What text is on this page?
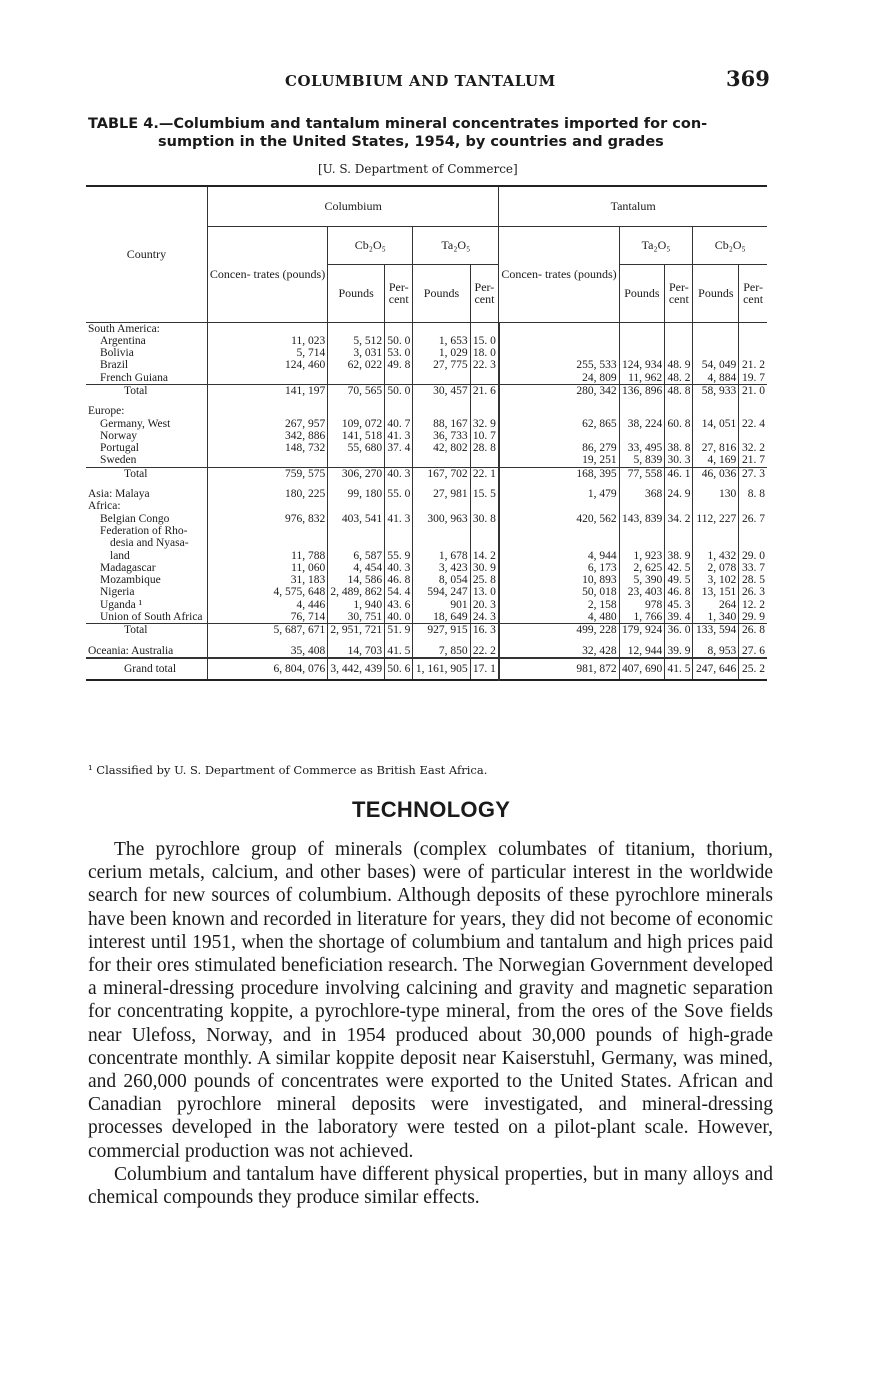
COLUMBIUM AND TANTALUM	369
TABLE 4.—Columbium and tantalum mineral concentrates imported for con-
sumption in the United States, 1954, by countries and grades
[U. S. Department of Commerce]
Country	Columbium					Tantalum				
	Concen- trates (pounds)	Cb₂O₅		Ta₂O₅		Concen- trates (pounds)	Ta₂O₅		Cb₂O₅	
		Pounds	Per- cent	Pounds	Per- cent		Pounds	Per- cent	Pounds	Per- cent
South America:										
Argentina	11, 023	5, 512	50. 0	1, 653	15. 0					
Bolivia	5, 714	3, 031	53. 0	1, 029	18. 0					
Brazil	124, 460	62, 022	49. 8	27, 775	22. 3	255, 533	124, 934	48. 9	54, 049	21. 2
French Guiana						24, 809	11, 962	48. 2	4, 884	19. 7
Total	141, 197	70, 565	50. 0	30, 457	21. 6	280, 342	136, 896	48. 8	58, 933	21. 0

Europe:										
Germany, West	267, 957	109, 072	40. 7	88, 167	32. 9	62, 865	38, 224	60. 8	14, 051	22. 4
Norway	342, 886	141, 518	41. 3	36, 733	10. 7					
Portugal	148, 732	55, 680	37. 4	42, 802	28. 8	86, 279	33, 495	38. 8	27, 816	32. 2
Sweden						19, 251	5, 839	30. 3	4, 169	21. 7
Total	759, 575	306, 270	40. 3	167, 702	22. 1	168, 395	77, 558	46. 1	46, 036	27. 3

Asia: Malaya	180, 225	99, 180	55. 0	27, 981	15. 5	1, 479	368	24. 9	130	8. 8
Africa:										
Belgian Congo	976, 832	403, 541	41. 3	300, 963	30. 8	420, 562	143, 839	34. 2	112, 227	26. 7
Federation of Rho-										
desia and Nyasa-										
land	11, 788	6, 587	55. 9	1, 678	14. 2	4, 944	1, 923	38. 9	1, 432	29. 0
Madagascar	11, 060	4, 454	40. 3	3, 423	30. 9	6, 173	2, 625	42. 5	2, 078	33. 7
Mozambique	31, 183	14, 586	46. 8	8, 054	25. 8	10, 893	5, 390	49. 5	3, 102	28. 5
Nigeria	4, 575, 648	2, 489, 862	54. 4	594, 247	13. 0	50, 018	23, 403	46. 8	13, 151	26. 3
Uganda ¹	4, 446	1, 940	43. 6	901	20. 3	2, 158	978	45. 3	264	12. 2
Union of South Africa	76, 714	30, 751	40. 0	18, 649	24. 3	4, 480	1, 766	39. 4	1, 340	29. 9
Total	5, 687, 671	2, 951, 721	51. 9	927, 915	16. 3	499, 228	179, 924	36. 0	133, 594	26. 8

Oceania: Australia	35, 408	14, 703	41. 5	7, 850	22. 2	32, 428	12, 944	39. 9	8, 953	27. 6
Grand total	6, 804, 076	3, 442, 439	50. 6	1, 161, 905	17. 1	981, 872	407, 690	41. 5	247, 646	25. 2
¹ Classified by U. S. Department of Commerce as British East Africa.
TECHNOLOGY

The pyrochlore group of minerals (complex columbates of titanium, thorium, cerium metals, calcium, and other bases) were of particular interest in the worldwide search for new sources of columbium. Although deposits of these pyrochlore minerals have been known and recorded in literature for years, they did not become of economic interest until 1951, when the shortage of columbium and tantalum and high prices paid for their ores stimulated beneficiation research. The Norwegian Government developed a mineral-dressing procedure involving calcining and gravity and magnetic separation for concentrating koppite, a pyrochlore-type mineral, from the ores of the Sove fields near Ulefoss, Norway, and in 1954 produced about 30,000 pounds of high-grade concentrate monthly. A similar koppite deposit near Kaiserstuhl, Germany, was mined, and 260,000 pounds of concentrates were exported to the United States. African and Canadian pyrochlore mineral deposits were investigated, and mineral-dressing processes developed in the laboratory were tested on a pilot-plant scale. However, commercial production was not achieved.

Columbium and tantalum have different physical properties, but in many alloys and chemical compounds they produce similar effects.
